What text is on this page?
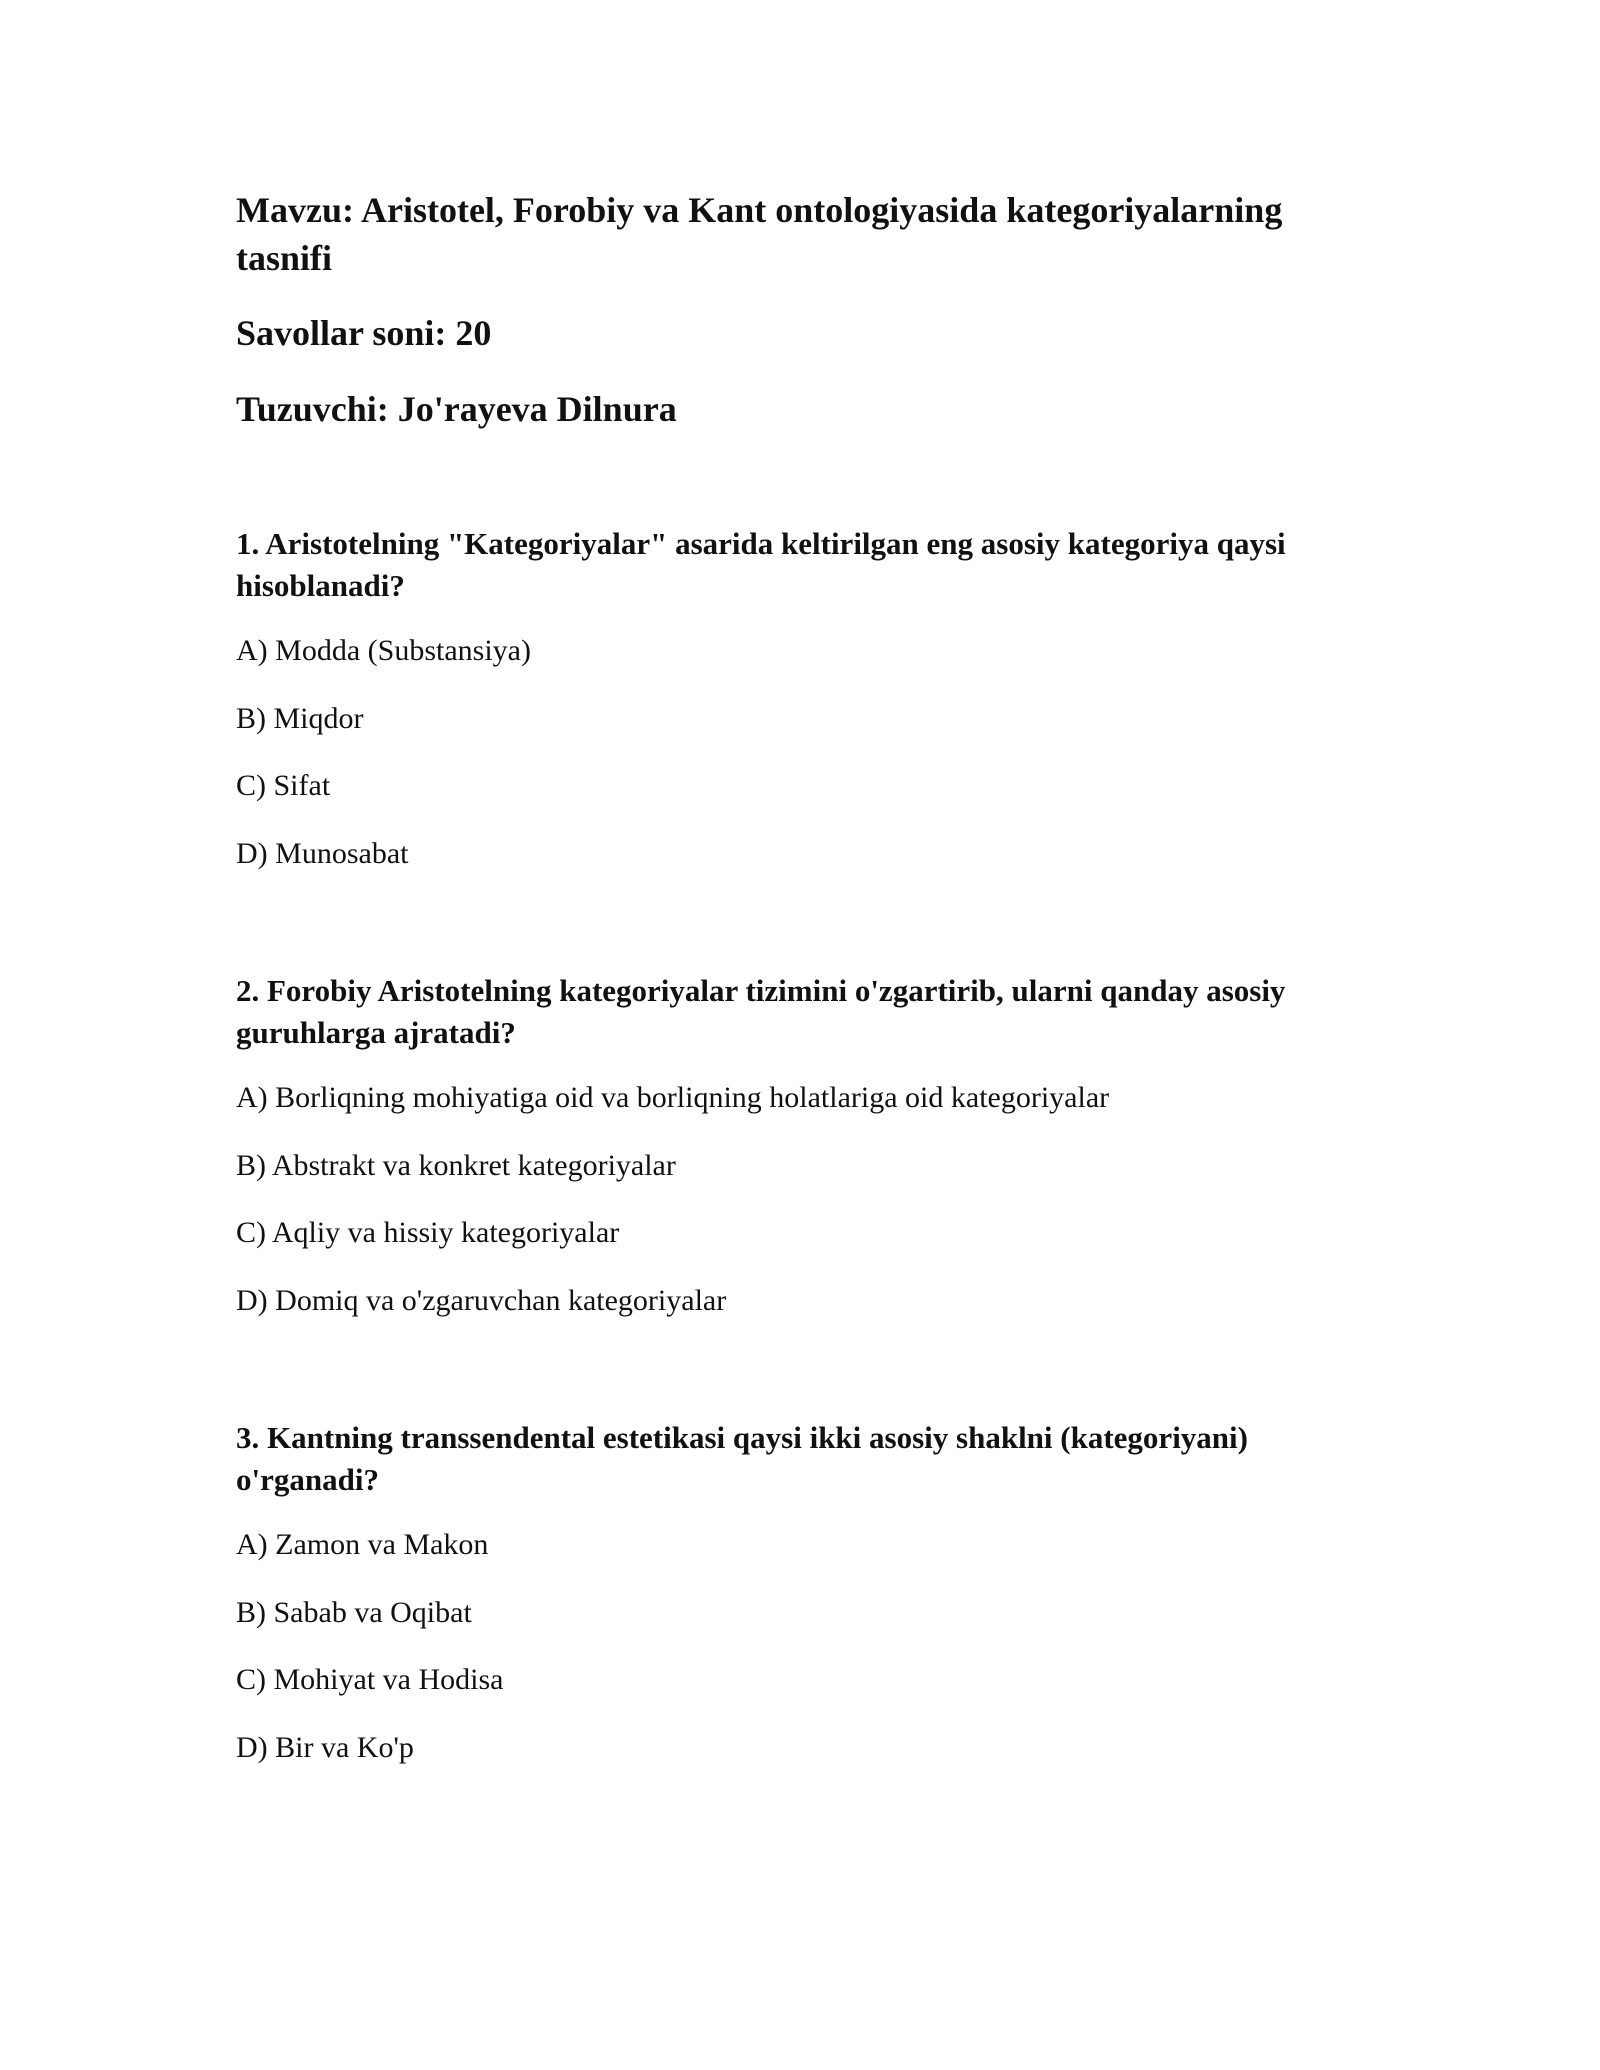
Mavzu: Aristotel, Forobiy va Kant ontologiyasida kategoriyalarning tasnifi
Savollar soni: 20
Tuzuvchi: Jo'rayeva Dilnura
1. Aristotelning "Kategoriyalar" asarida keltirilgan eng asosiy kategoriya qaysi hisoblanadi?
A) Modda (Substansiya)
B) Miqdor
C) Sifat
D) Munosabat
2. Forobiy Aristotelning kategoriyalar tizimini o'zgartirib, ularni qanday asosiy guruhlarga ajratadi?
A) Borliqning mohiyatiga oid va borliqning holatlariga oid kategoriyalar
B) Abstrakt va konkret kategoriyalar
C) Aqliy va hissiy kategoriyalar
D) Domiq va o'zgaruvchan kategoriyalar
3. Kantning transsendental estetikasi qaysi ikki asosiy shaklni (kategoriyani) o'rganadi?
A) Zamon va Makon
B) Sabab va Oqibat
C) Mohiyat va Hodisa
D) Bir va Ko'p
